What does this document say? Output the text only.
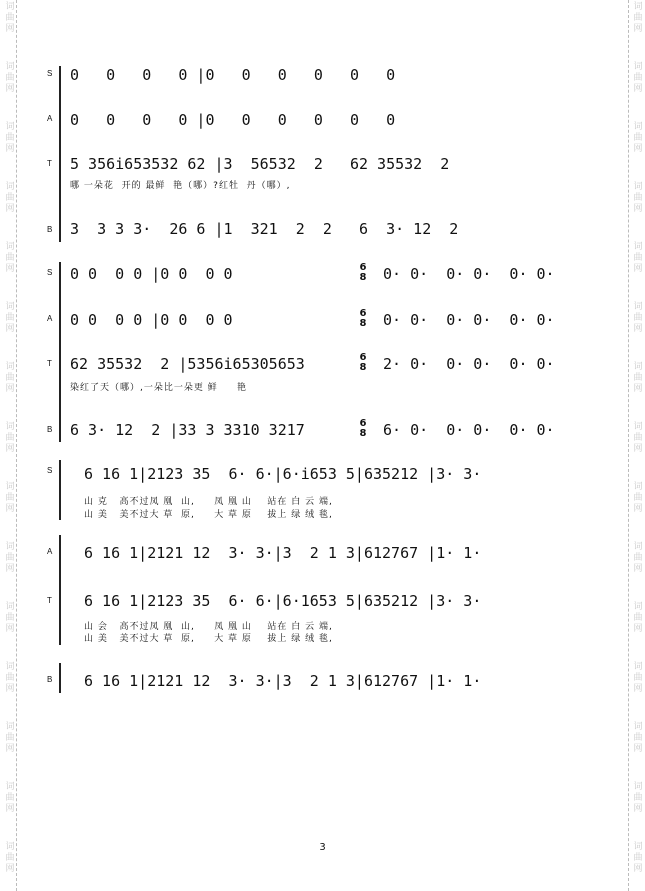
词
曲
网
词
曲
网
词
曲
网
词
曲
网
词
曲
网
词
曲
网
词
曲
网
词
曲
网
词
曲
网
词
曲
网
词
曲
网
词
曲
网
词
曲
网
词
曲
网
词
曲
网
词
曲
网
词
曲
网
词
曲
网
词
曲
网
词
曲
网
词
曲
网
词
曲
网
词
曲
网
词
曲
网
词
曲
网
词
曲
网
词
曲
网
词
曲
网
词
曲
网
词
曲
网
S 0   0   0   0 |0   0   0   0   0   0
A 0   0   0   0 |0   0   0   0   0   0
T 5 356i653532 62 |3  56532  2   62 35532  2
哪 一朵花  开的 最鲜  艳（哪）?红牡  丹（哪）,
B 3  3 3 3·  26 6 |1  321  2  2   6  3· 12  2
S 0 0  0 0 |0 0  0 0	6
8 0· 0·  0· 0·  0· 0·
A 0 0  0 0 |0 0  0 0	6
8 0· 0·  0· 0·  0· 0·
T 62 35532  2 |5356i65305653	6
8 2· 0·  0· 0·  0· 0·
染红了天（哪）,一朵比一朵更 鲜     艳
B 6 3· 12  2 |33 3 3310 3217	6
8 6· 0·  0· 0·  0· 0·
S 6 16 1|2123 35  6· 6·|6·i653 5|635212 |3· 3·
山 克   高不过凤 凰  山,     凤 凰 山    站在 白 云 端,
山 美   美不过大 草  原,     大 草 原    拔上 绿 绒 毯,
A 6 16 1|2121 12  3· 3·|3  2 1 3|612767 |1· 1·
T 6 16 1|2123 35  6· 6·|6·1653 5|635212 |3· 3·
山 会   高不过凤 凰  山,     凤 凰 山    站在 白 云 端,
山 美   美不过大 草  原,     大 草 原    拔上 绿 绒 毯,
B 6 16 1|2121 12  3· 3·|3  2 1 3|612767 |1· 1·
3
